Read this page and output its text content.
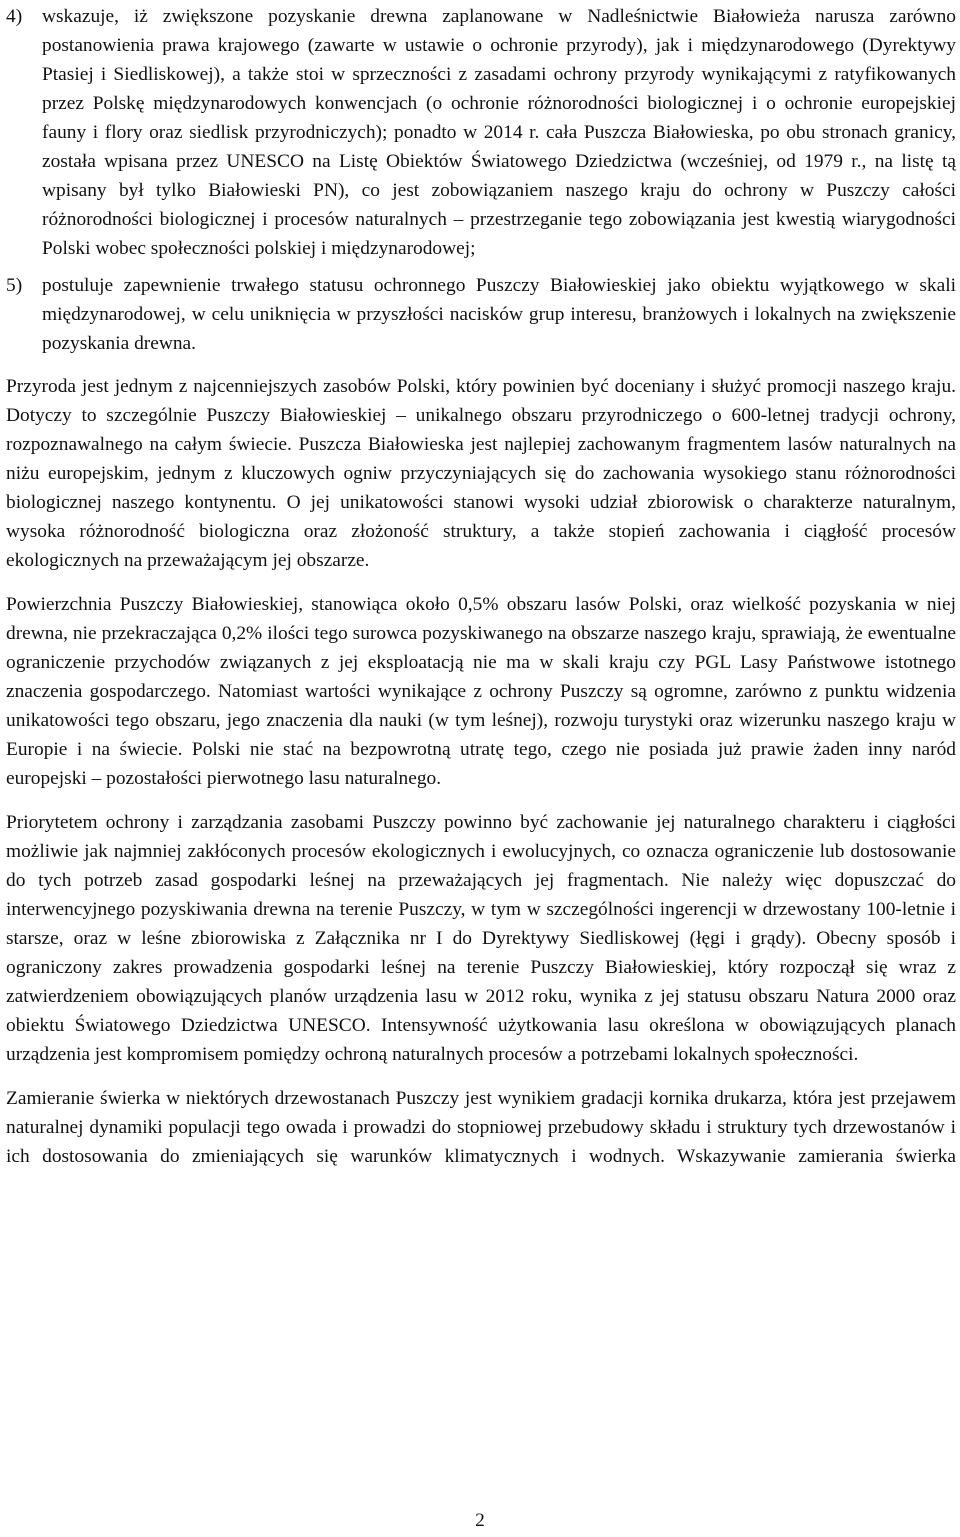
4)	wskazuje, iż zwiększone pozyskanie drewna zaplanowane w Nadleśnictwie Białowieża narusza zarówno postanowienia prawa krajowego (zawarte w ustawie o ochronie przyrody), jak i międzynarodowego (Dyrektywy Ptasiej i Siedliskowej), a także stoi w sprzeczności z zasadami ochrony przyrody wynikającymi z ratyfikowanych przez Polskę międzynarodowych konwencjach (o ochronie różnorodności biologicznej i o ochronie europejskiej fauny i flory oraz siedlisk przyrodniczych); ponadto w 2014 r. cała Puszcza Białowieska, po obu stronach granicy, została wpisana przez UNESCO na Listę Obiektów Światowego Dziedzictwa (wcześniej, od 1979 r., na listę tą wpisany był tylko Białowieski PN), co jest zobowiązaniem naszego kraju do ochrony w Puszczy całości różnorodności biologicznej i procesów naturalnych – przestrzeganie tego zobowiązania jest kwestią wiarygodności Polski wobec społeczności polskiej i międzynarodowej;
5)	postuluje zapewnienie trwałego statusu ochronnego Puszczy Białowieskiej jako obiektu wyjątkowego w skali międzynarodowej, w celu uniknięcia w przyszłości nacisków grup interesu, branżowych i lokalnych na zwiększenie pozyskania drewna.

Przyroda jest jednym z najcenniejszych zasobów Polski, który powinien być doceniany i służyć promocji naszego kraju. Dotyczy to szczególnie Puszczy Białowieskiej – unikalnego obszaru przyrodniczego o 600-letnej tradycji ochrony, rozpoznawalnego na całym świecie. Puszcza Białowieska jest najlepiej zachowanym fragmentem lasów naturalnych na niżu europejskim, jednym z kluczowych ogniw przyczyniających się do zachowania wysokiego stanu różnorodności biologicznej naszego kontynentu. O jej unikatowości stanowi wysoki udział zbiorowisk o charakterze naturalnym, wysoka różnorodność biologiczna oraz złożoność struktury, a także stopień zachowania i ciągłość procesów ekologicznych na przeważającym jej obszarze.

Powierzchnia Puszczy Białowieskiej, stanowiąca około 0,5% obszaru lasów Polski, oraz wielkość pozyskania w niej drewna, nie przekraczająca 0,2% ilości tego surowca pozyskiwanego na obszarze naszego kraju, sprawiają, że ewentualne ograniczenie przychodów związanych z jej eksploatacją nie ma w skali kraju czy PGL Lasy Państwowe istotnego znaczenia gospodarczego. Natomiast wartości wynikające z ochrony Puszczy są ogromne, zarówno z punktu widzenia unikatowości tego obszaru, jego znaczenia dla nauki (w tym leśnej), rozwoju turystyki oraz wizerunku naszego kraju w Europie i na świecie. Polski nie stać na bezpowrotną utratę tego, czego nie posiada już prawie żaden inny naród europejski – pozostałości pierwotnego lasu naturalnego.

Priorytetem ochrony i zarządzania zasobami Puszczy powinno być zachowanie jej naturalnego charakteru i ciągłości możliwie jak najmniej zakłóconych procesów ekologicznych i ewolucyjnych, co oznacza ograniczenie lub dostosowanie do tych potrzeb zasad gospodarki leśnej na przeważających jej fragmentach. Nie należy więc dopuszczać do interwencyjnego pozyskiwania drewna na terenie Puszczy, w tym w szczególności ingerencji w drzewostany 100-letnie i starsze, oraz w leśne zbiorowiska z Załącznika nr I do Dyrektywy Siedliskowej (łęgi i grądy). Obecny sposób i ograniczony zakres prowadzenia gospodarki leśnej na terenie Puszczy Białowieskiej, który rozpoczął się wraz z zatwierdzeniem obowiązujących planów urządzenia lasu w 2012 roku, wynika z jej statusu obszaru Natura 2000 oraz obiektu Światowego Dziedzictwa UNESCO. Intensywność użytkowania lasu określona w obowiązujących planach urządzenia jest kompromisem pomiędzy ochroną naturalnych procesów a potrzebami lokalnych społeczności.

Zamieranie świerka w niektórych drzewostanach Puszczy jest wynikiem gradacji kornika drukarza, która jest przejawem naturalnej dynamiki populacji tego owada i prowadzi do stopniowej przebudowy składu i struktury tych drzewostanów i ich dostosowania do zmieniających się warunków klimatycznych i wodnych. Wskazywanie zamierania świerka

2
